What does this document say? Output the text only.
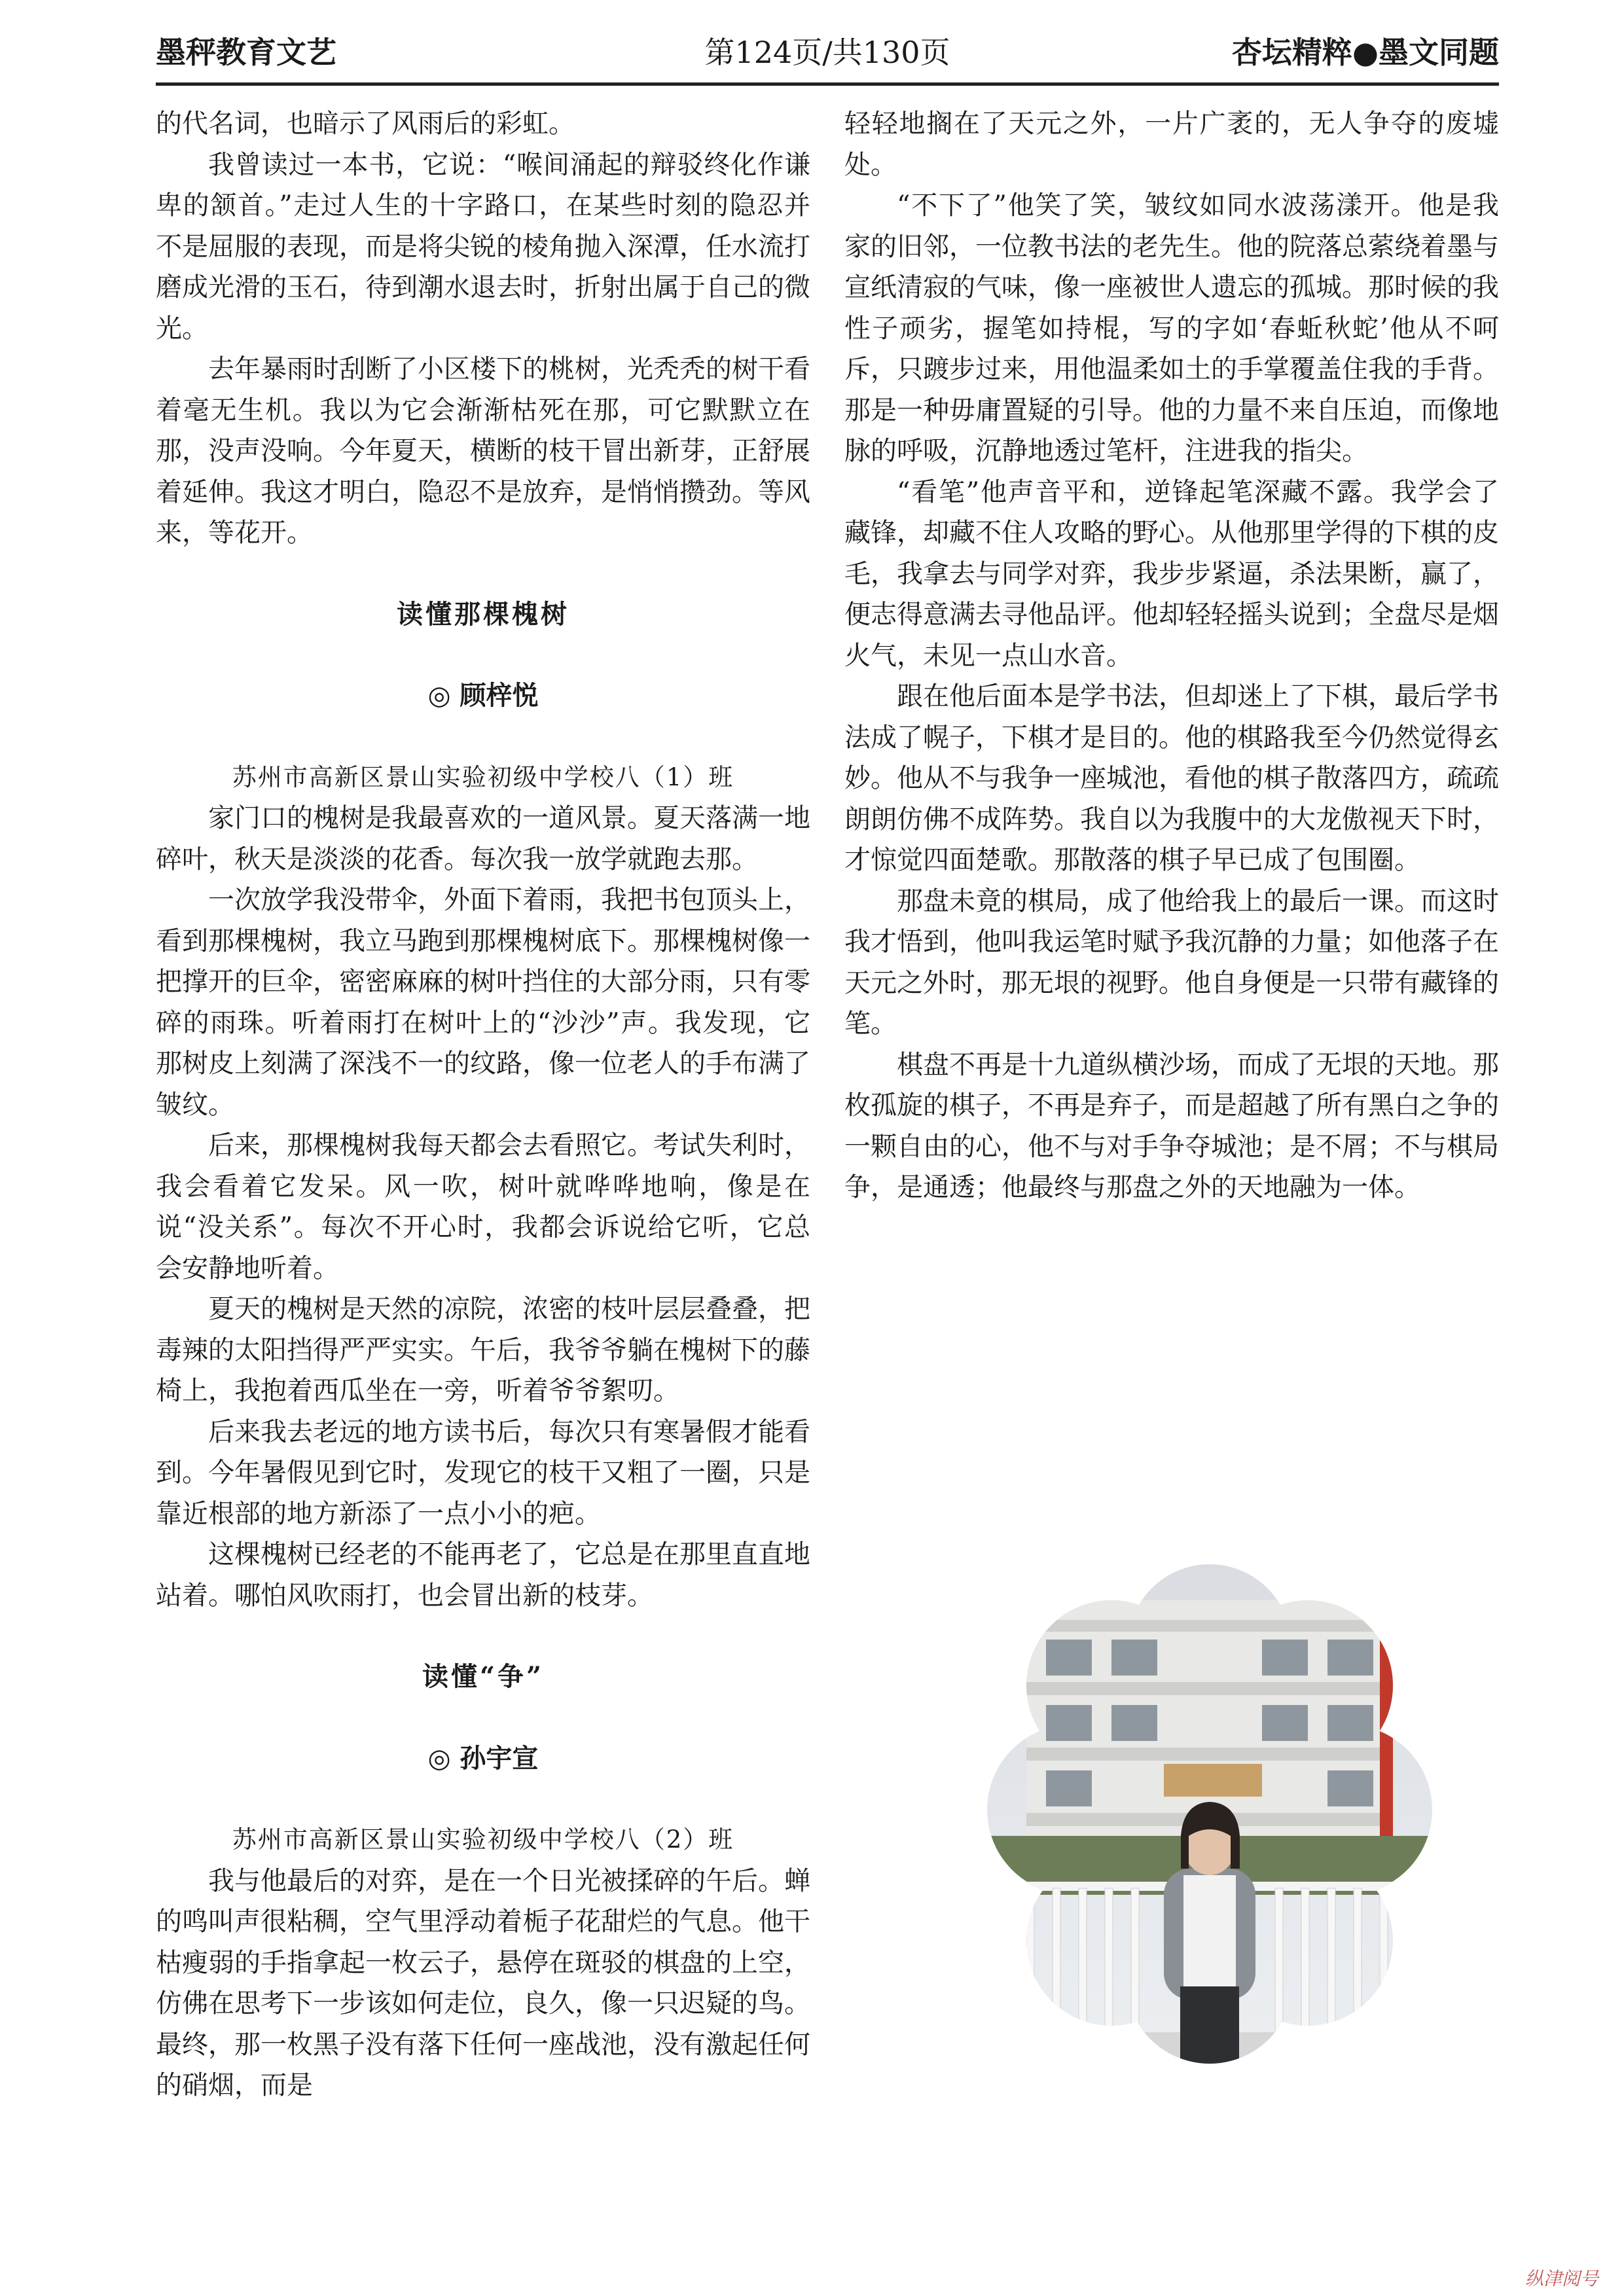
墨秤教育文艺	第124页/共130页	杏坛精粹●墨文同题

的代名词，也暗示了风雨后的彩虹。

我曾读过一本书，它说：“喉间涌起的辩驳终化作谦卑的颔首。”走过人生的十字路口，在某些时刻的隐忍并不是屈服的表现，而是将尖锐的棱角抛入深潭，任水流打磨成光滑的玉石，待到潮水退去时，折射出属于自己的微光。

去年暴雨时刮断了小区楼下的桃树，光秃秃的树干看着毫无生机。我以为它会渐渐枯死在那，可它默默立在那，没声没响。今年夏天，横断的枝干冒出新芽，正舒展着延伸。我这才明白，隐忍不是放弃，是悄悄攒劲。等风来，等花开。

读懂那棵槐树
◎ 顾梓悦
苏州市高新区景山实验初级中学校八（1）班

家门口的槐树是我最喜欢的一道风景。夏天落满一地碎叶，秋天是淡淡的花香。每次我一放学就跑去那。

一次放学我没带伞，外面下着雨，我把书包顶头上，看到那棵槐树，我立马跑到那棵槐树底下。那棵槐树像一把撑开的巨伞，密密麻麻的树叶挡住的大部分雨，只有零碎的雨珠。听着雨打在树叶上的“沙沙”声。我发现，它那树皮上刻满了深浅不一的纹路，像一位老人的手布满了皱纹。

后来，那棵槐树我每天都会去看照它。考试失利时，我会看着它发呆。风一吹，树叶就哗哗地响，像是在说“没关系”。每次不开心时，我都会诉说给它听，它总会安静地听着。

夏天的槐树是天然的凉院，浓密的枝叶层层叠叠，把毒辣的太阳挡得严严实实。午后，我爷爷躺在槐树下的藤椅上，我抱着西瓜坐在一旁，听着爷爷絮叨。

后来我去老远的地方读书后，每次只有寒暑假才能看到。今年暑假见到它时，发现它的枝干又粗了一圈，只是靠近根部的地方新添了一点小小的疤。

这棵槐树已经老的不能再老了，它总是在那里直直地站着。哪怕风吹雨打，也会冒出新的枝芽。

读懂“争”
◎ 孙宇宣
苏州市高新区景山实验初级中学校八（2）班

我与他最后的对弈，是在一个日光被揉碎的午后。蝉的鸣叫声很粘稠，空气里浮动着栀子花甜烂的气息。他干枯瘦弱的手指拿起一枚云子，悬停在斑驳的棋盘的上空，仿佛在思考下一步该如何走位，良久，像一只迟疑的鸟。最终，那一枚黑子没有落下任何一座战池，没有激起任何的硝烟，而是

轻轻地搁在了天元之外，一片广袤的，无人争夺的废墟处。

“不下了”他笑了笑，皱纹如同水波荡漾开。他是我家的旧邻，一位教书法的老先生。他的院落总萦绕着墨与宣纸清寂的气味，像一座被世人遗忘的孤城。那时候的我性子顽劣，握笔如持棍，写的字如‘春蚯秋蛇’他从不呵斥，只踱步过来，用他温柔如土的手掌覆盖住我的手背。那是一种毋庸置疑的引导。他的力量不来自压迫，而像地脉的呼吸，沉静地透过笔杆，注进我的指尖。

“看笔”他声音平和，逆锋起笔深藏不露。我学会了藏锋，却藏不住人攻略的野心。从他那里学得的下棋的皮毛，我拿去与同学对弈，我步步紧逼，杀法果断，赢了，便志得意满去寻他品评。他却轻轻摇头说到；全盘尽是烟火气，未见一点山水音。

跟在他后面本是学书法，但却迷上了下棋，最后学书法成了幌子，下棋才是目的。他的棋路我至今仍然觉得玄妙。他从不与我争一座城池，看他的棋子散落四方，疏疏朗朗仿佛不成阵势。我自以为我腹中的大龙傲视天下时，才惊觉四面楚歌。那散落的棋子早已成了包围圈。

那盘未竟的棋局，成了他给我上的最后一课。而这时我才悟到，他叫我运笔时赋予我沉静的力量；如他落子在天元之外时，那无垠的视野。他自身便是一只带有藏锋的笔。

棋盘不再是十九道纵横沙场，而成了无垠的天地。那枚孤旋的棋子，不再是弃子，而是超越了所有黑白之争的一颗自由的心，他不与对手争夺城池；是不屑；不与棋局争，是通透；他最终与那盘之外的天地融为一体。

纵津阅号
